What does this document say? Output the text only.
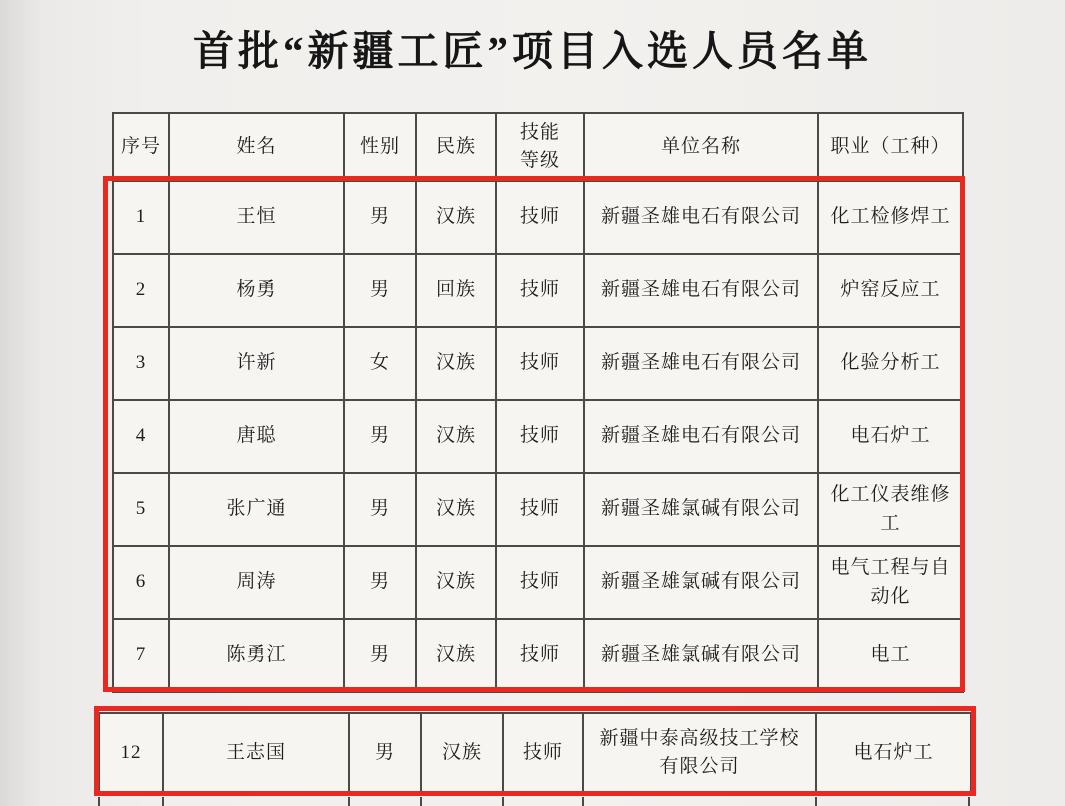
首批“新疆工匠”项目入选人员名单
序号	姓名	性别	民族	技能等级	单位名称	职业（工种）
1	王恒	男	汉族	技师	新疆圣雄电石有限公司	化工检修焊工
2	杨勇	男	回族	技师	新疆圣雄电石有限公司	炉窑反应工
3	许新	女	汉族	技师	新疆圣雄电石有限公司	化验分析工
4	唐聪	男	汉族	技师	新疆圣雄电石有限公司	电石炉工
5	张广通	男	汉族	技师	新疆圣雄氯碱有限公司	化工仪表维修工
6	周涛	男	汉族	技师	新疆圣雄氯碱有限公司	电气工程与自动化
7	陈勇江	男	汉族	技师	新疆圣雄氯碱有限公司	电工
12	王志国	男	汉族	技师	新疆中泰高级技工学校有限公司	电石炉工
